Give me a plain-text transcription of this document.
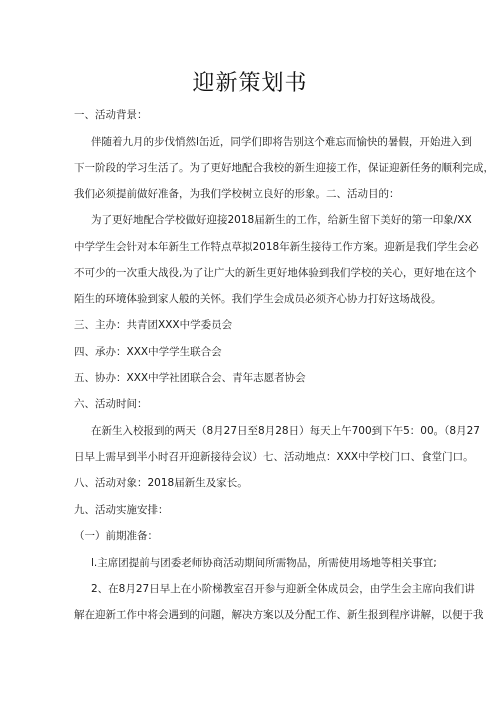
迎新策划书
一、活动背景：
伴随着九月的步伐悄然l缶近，同学们即将告别这个难忘而愉快的暑假，开始进入到
下一阶段的学习生活了。为了更好地配合我校的新生迎接工作，保证迎新任务的顺利完成，
我们必须提前做好准备，为我们学校树立良好的形象。二、活动目的：
为了更好地配合学校做好迎接2018届新生的工作，给新生留下美好的第一印象/XX
中学学生会针对本年新生工作特点草拟2018年新生接待工作方案。迎新是我们学生会必
不可少的一次重大战役,为了让广大的新生更好地体验到我们学校的关心，更好地在这个
陌生的环境体验到家人般的关怀。我们学生会成员必须齐心协力打好这场战役。
三、主办：共青团XXX中学委员会
四、承办：XXX中学学生联合会
五、协办：XXX中学社团联合会、青年志愿者协会
六、活动时间：
在新生入校报到的两天（8月27日至8月28日）每天上午700到下午5：00。（8月27
日早上需早到半小时召开迎新接待会议）七、活动地点：XXX中学校门口、食堂门口。
八、活动对象：2018届新生及家长。
九、活动实施安排：
（一）前期准备：
l.主席团提前与团委老师协商活动期间所需物品，所需使用场地等相关事宜;
2、在8月27日早上在小阶梯教室召开参与迎新全体成员会，由学生会主席向我们讲
解在迎新工作中将会遇到的问题，解决方案以及分配工作、新生报到程序讲解，以便于我
